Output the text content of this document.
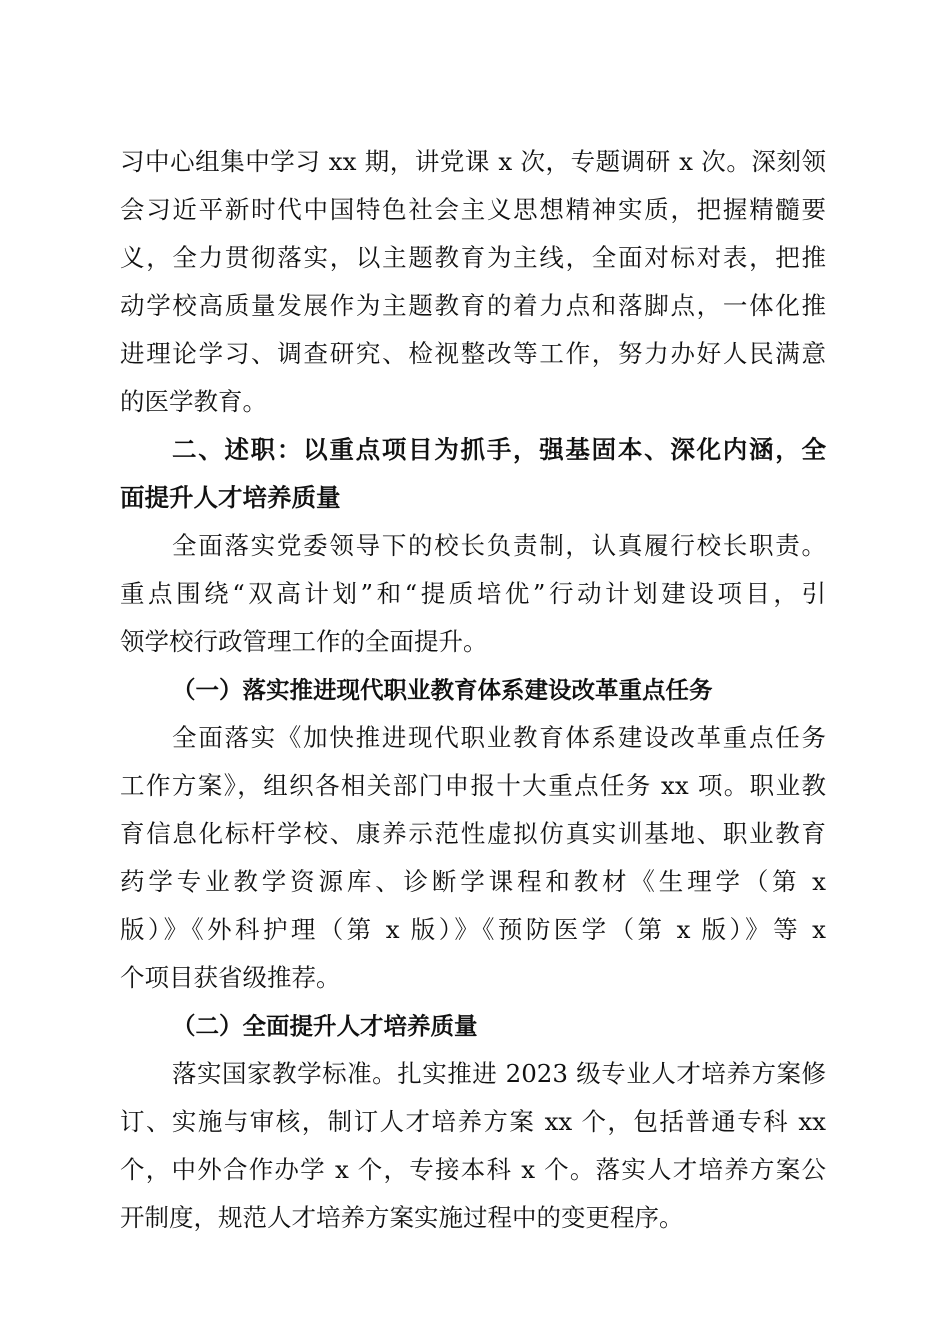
习中心组集中学习 xx 期，讲党课 x 次，专题调研 x 次。深刻领
会习近平新时代中国特色社会主义思想精神实质，把握精髓要
义，全力贯彻落实，以主题教育为主线，全面对标对表，把推
动学校高质量发展作为主题教育的着力点和落脚点，一体化推
进理论学习、调查研究、检视整改等工作，努力办好人民满意
的医学教育。
二、述职：以重点项目为抓手，强基固本、深化内涵，全
面提升人才培养质量
全面落实党委领导下的校长负责制，认真履行校长职责。
重点围绕“双高计划”和“提质培优”行动计划建设项目，引
领学校行政管理工作的全面提升。
（一）落实推进现代职业教育体系建设改革重点任务
全面落实《加快推进现代职业教育体系建设改革重点任务
工作方案》，组织各相关部门申报十大重点任务 xx 项。职业教
育信息化标杆学校、康养示范性虚拟仿真实训基地、职业教育
药学专业教学资源库、诊断学课程和教材《生理学（第 x
版）》《外科护理（第 x 版）》《预防医学（第 x 版）》等 x
个项目获省级推荐。
（二）全面提升人才培养质量
落实国家教学标准。扎实推进 2023 级专业人才培养方案修
订、实施与审核，制订人才培养方案 xx 个，包括普通专科 xx
个，中外合作办学 x 个，专接本科 x 个。落实人才培养方案公
开制度，规范人才培养方案实施过程中的变更程序。
